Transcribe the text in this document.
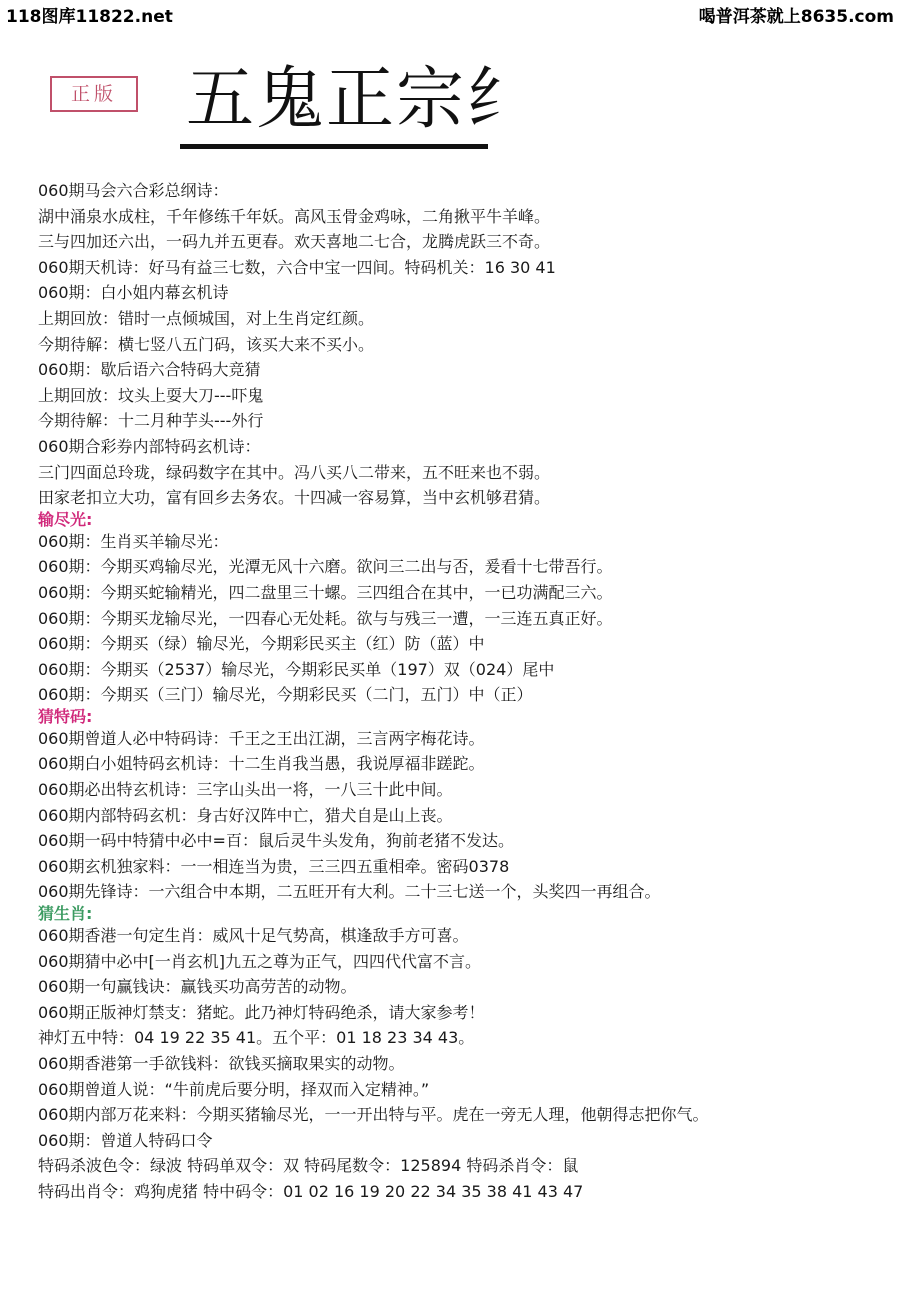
118图库11822.net	喝普洱茶就上8635.com
正版	五鬼正宗纟
060期马会六合彩总纲诗：
湖中涌泉水成柱，千年修练千年妖。高风玉骨金鸡咏，二角揪平牛羊峰。
三与四加还六出，一码九并五更春。欢天喜地二七合，龙腾虎跃三不奇。
060期天机诗：好马有益三七数，六合中宝一四间。特码机关：16 30 41
060期：白小姐内幕玄机诗
上期回放：错时一点倾城国，对上生肖定红颜。
今期待解：横七竖八五门码，该买大来不买小。
060期：歇后语六合特码大竞猜
上期回放：坟头上耍大刀---吓鬼
今期待解：十二月种芋头---外行
060期合彩券内部特码玄机诗：
三门四面总玲珑，绿码数字在其中。冯八买八二带来，五不旺来也不弱。
田家老扣立大功，富有回乡去务农。十四减一容易算，当中玄机够君猜。
输尽光:
060期：生肖买羊输尽光：
060期：今期买鸡输尽光，光潭无风十六磨。欲问三二出与否，爰看十七带吾行。
060期：今期买蛇输精光，四二盘里三十螺。三四组合在其中，一已功满配三六。
060期：今期买龙输尽光，一四春心无处耗。欲与与残三一遭，一三连五真正好。
060期：今期买（绿）输尽光，今期彩民买主（红）防（蓝）中
060期：今期买（2537）输尽光，今期彩民买单（197）双（024）尾中
060期：今期买（三门）输尽光，今期彩民买（二门，五门）中（正）
猜特码:
060期曾道人必中特码诗：千王之王出江湖，三言两字梅花诗。
060期白小姐特码玄机诗：十二生肖我当愚，我说厚福非蹉跎。
060期必出特玄机诗：三字山头出一将，一八三十此中间。
060期内部特码玄机：身古好汉阵中亡，猎犬自是山上丧。
060期一码中特猜中必中=百：鼠后灵牛头发角，狗前老猪不发达。
060期玄机独家料：一一相连当为贵，三三四五重相牵。密码0378
060期先锋诗：一六组合中本期，二五旺开有大利。二十三七送一个，头奖四一再组合。
猜生肖:
060期香港一句定生肖：威风十足气势高，棋逢敌手方可喜。
060期猜中必中[一肖玄机]九五之尊为正气，四四代代富不言。
060期一句赢钱诀：赢钱买功高劳苦的动物。
060期正版神灯禁支：猪蛇。此乃神灯特码绝杀，请大家参考！
神灯五中特：04 19 22 35 41。五个平：01 18 23 34 43。
060期香港第一手欲钱料：欲钱买摘取果实的动物。
060期曾道人说：“牛前虎后要分明，择双而入定精神。”
060期内部万花来料：今期买猪输尽光，一一开出特与平。虎在一旁无人理，他朝得志把你气。
060期：曾道人特码口令
特码杀波色令：绿波 特码单双令：双 特码尾数令：125894 特码杀肖令：鼠
特码出肖令：鸡狗虎猪 特中码令：01 02 16 19 20 22 34 35 38 41 43 47
